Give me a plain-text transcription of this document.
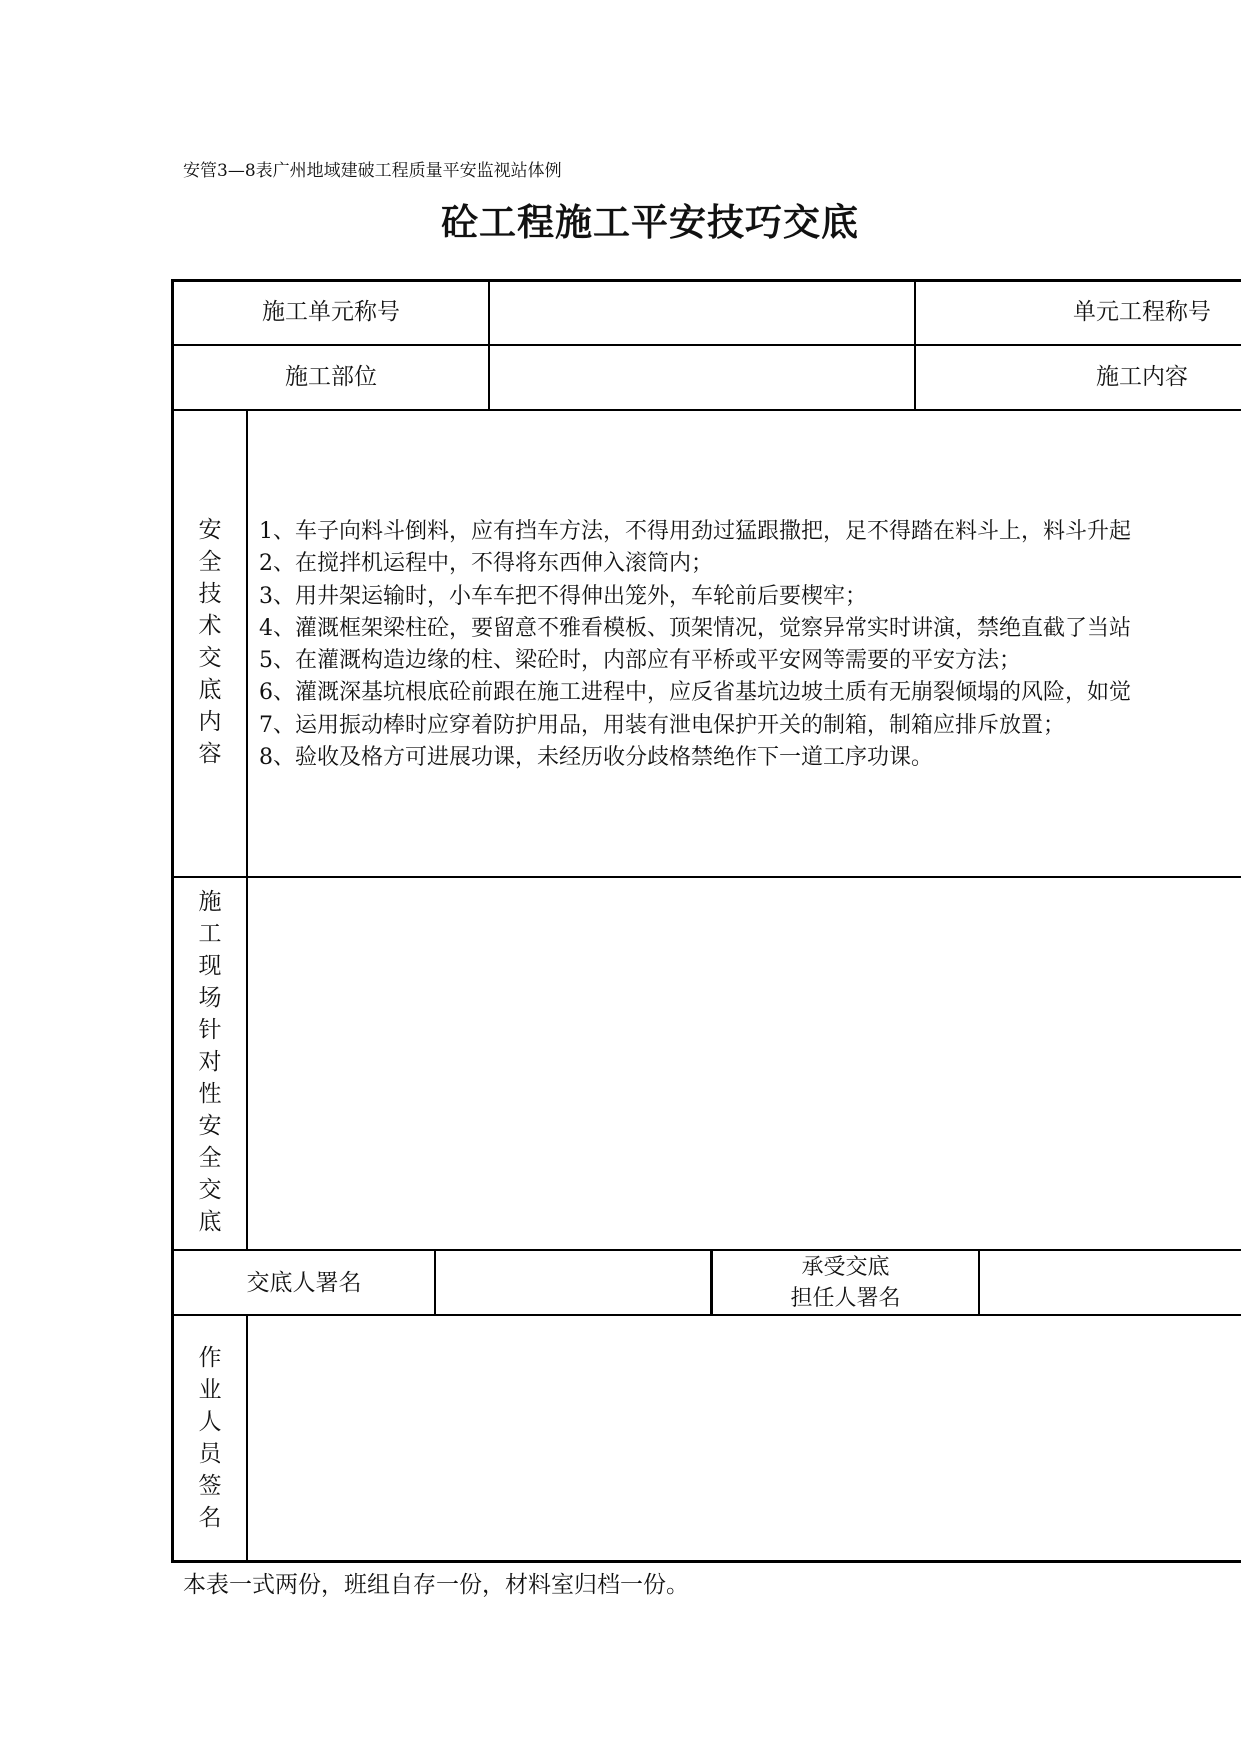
安管3—8表广州地域建破工程质量平安监视站体例
砼工程施工平安技巧交底
施工单元称号	单元工程称号
施工部位	施工内容
安全技术交底内容
1、车子向料斗倒料，应有挡车方法，不得用劲过猛跟撒把，足不得踏在料斗上，料斗升起
2、在搅拌机运程中，不得将东西伸入滚筒内；
3、用井架运输时，小车车把不得伸出笼外，车轮前后要楔牢；
4、灌溉框架梁柱砼，要留意不雅看模板、顶架情况，觉察异常实时讲演，禁绝直截了当站
5、在灌溉构造边缘的柱、梁砼时，内部应有平桥或平安网等需要的平安方法；
6、灌溉深基坑根底砼前跟在施工进程中，应反省基坑边坡土质有无崩裂倾塌的风险，如觉
7、运用振动棒时应穿着防护用品，用装有泄电保护开关的制箱，制箱应排斥放置；
8、验收及格方可进展功课，未经历收分歧格禁绝作下一道工序功课。
施工现场针对性安全交底
交底人署名
承受交底
担任人署名
作业人员签名
本表一式两份，班组自存一份，材料室归档一份。
